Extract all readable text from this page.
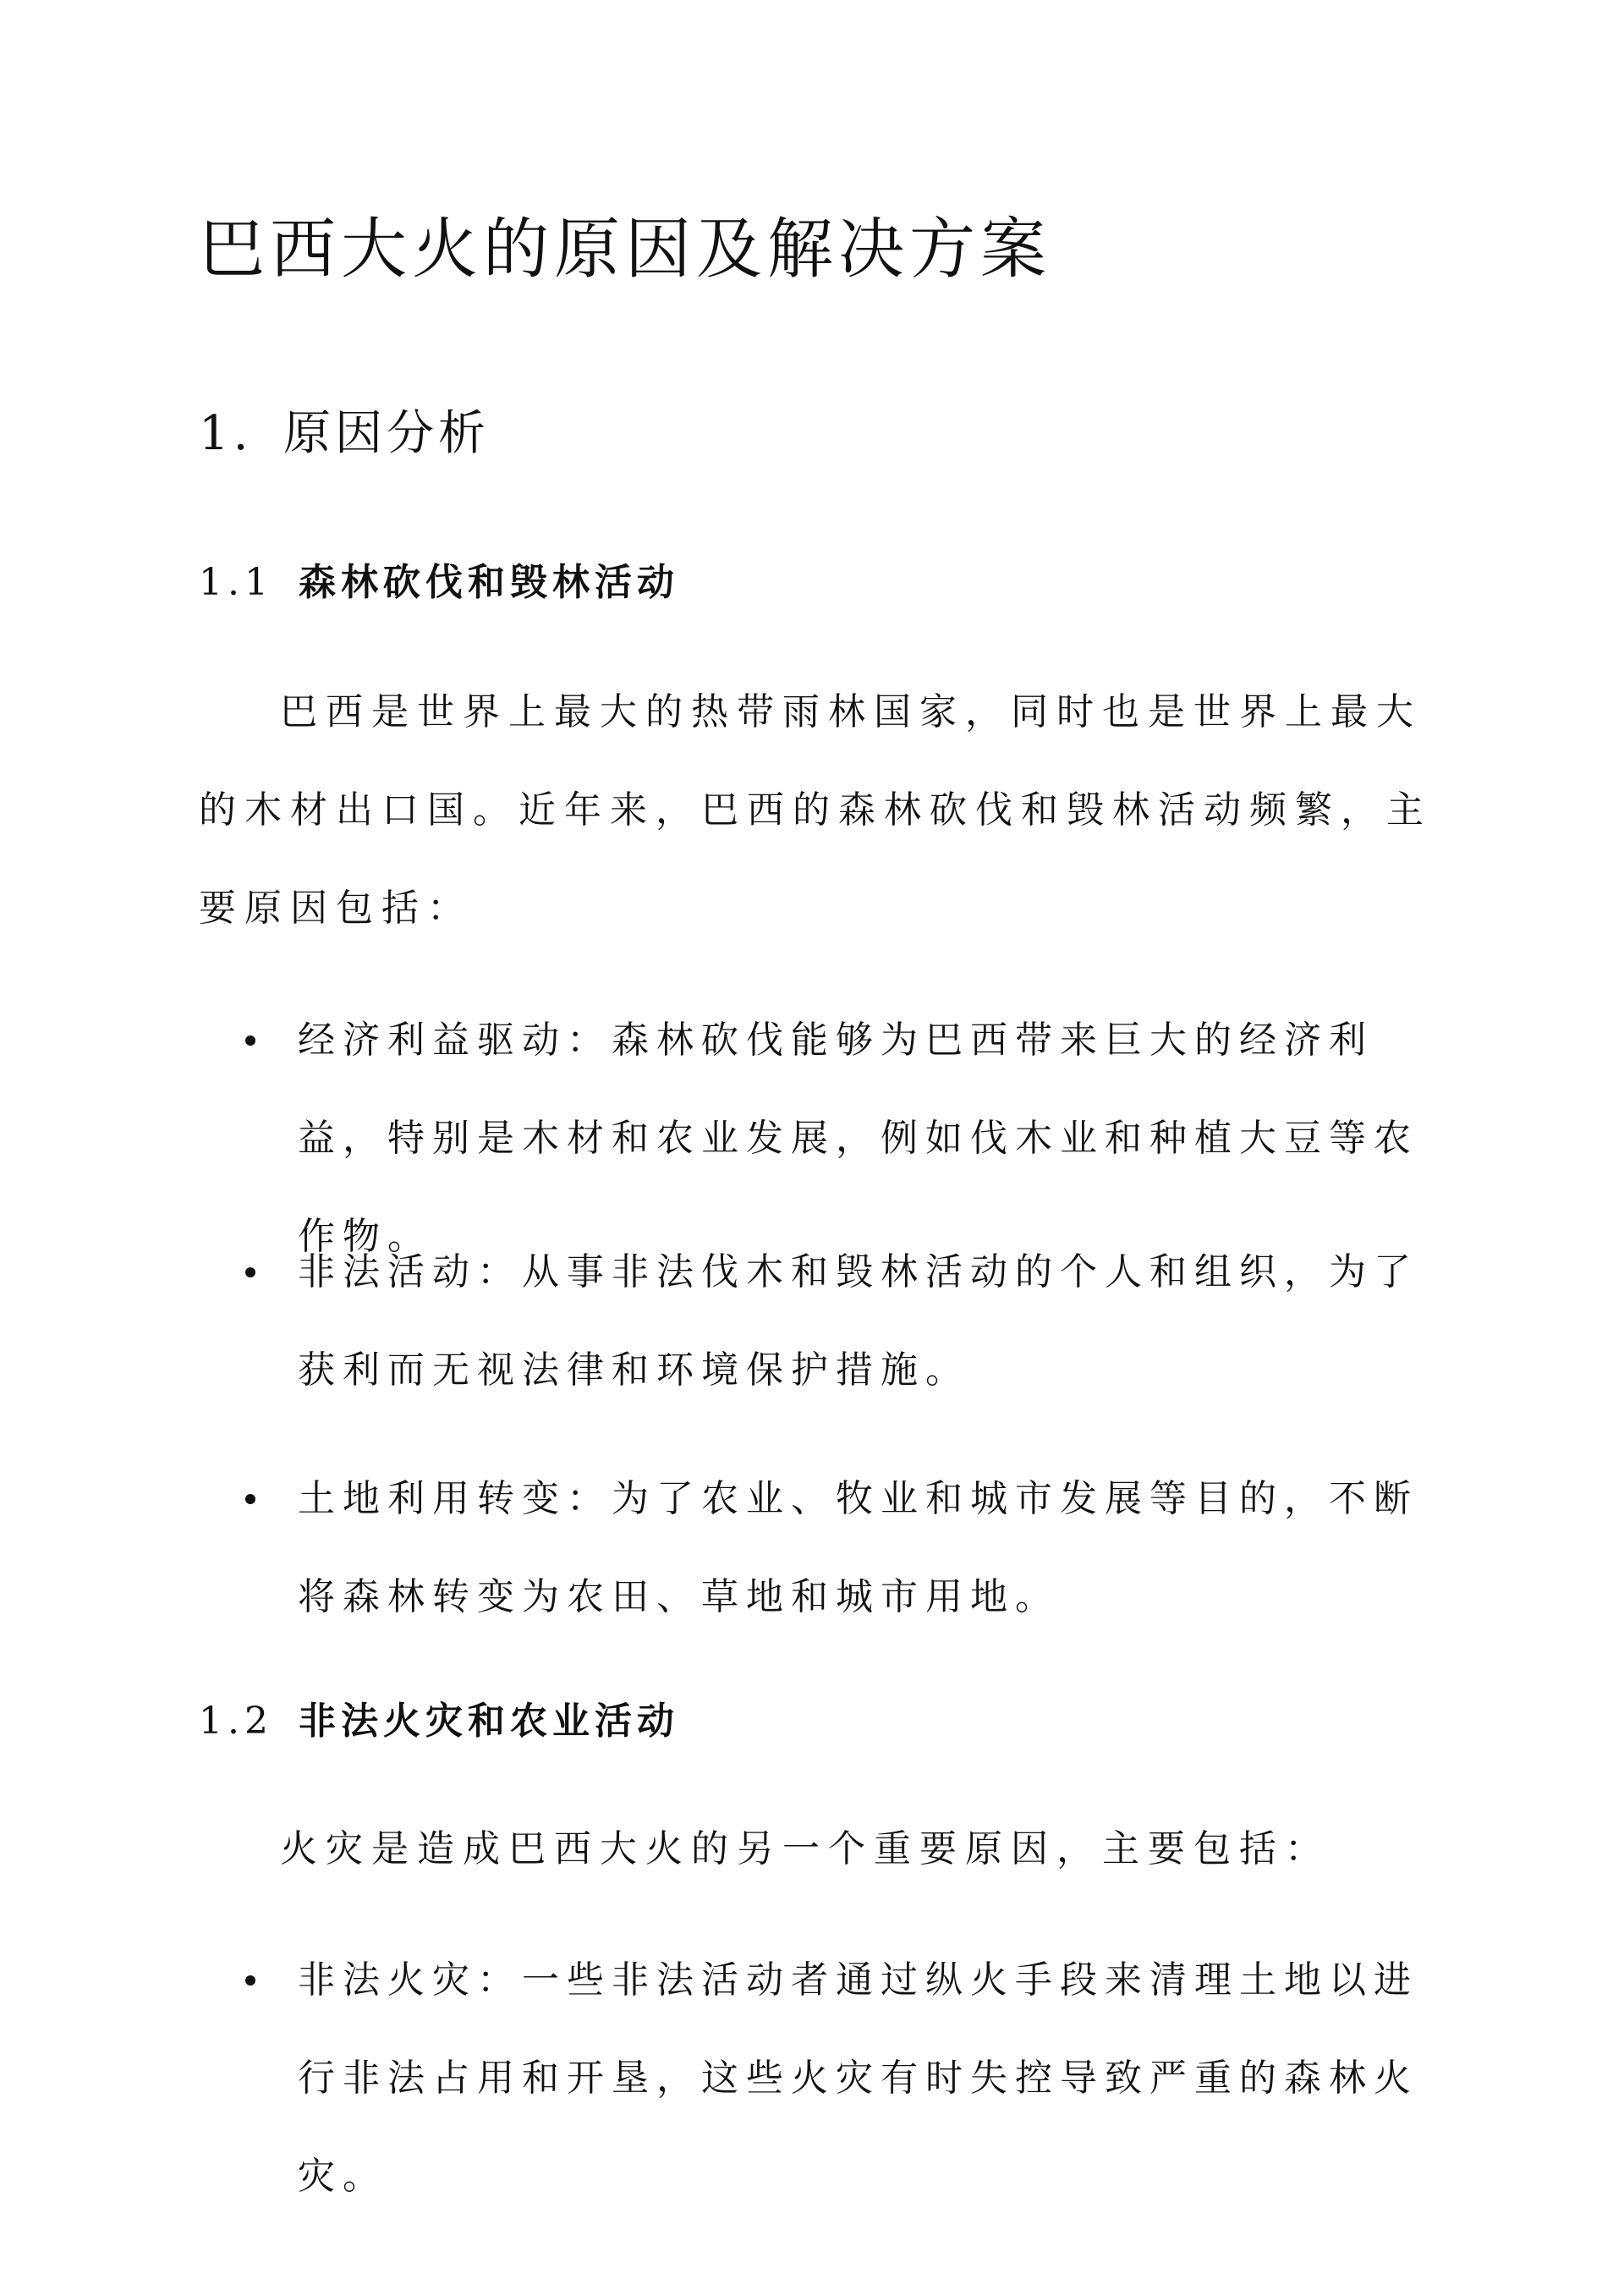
巴西大火的原因及解决方案
1. 原因分析
1.1 森林砍伐和毁林活动

巴西是世界上最大的热带雨林国家，同时也是世界上最大的木材出口国。近年来，巴西的森林砍伐和毁林活动频繁，主要原因包括：

经济利益驱动：森林砍伐能够为巴西带来巨大的经济利益，特别是木材和农业发展，例如伐木业和种植大豆等农作物。

非法活动：从事非法伐木和毁林活动的个人和组织，为了获利而无视法律和环境保护措施。

土地利用转变：为了农业、牧业和城市发展等目的，不断将森林转变为农田、草地和城市用地。

1.2 非法火灾和农业活动

火灾是造成巴西大火的另一个重要原因，主要包括：

非法火灾：一些非法活动者通过纵火手段来清理土地以进行非法占用和开垦，这些火灾有时失控导致严重的森林火灾。
